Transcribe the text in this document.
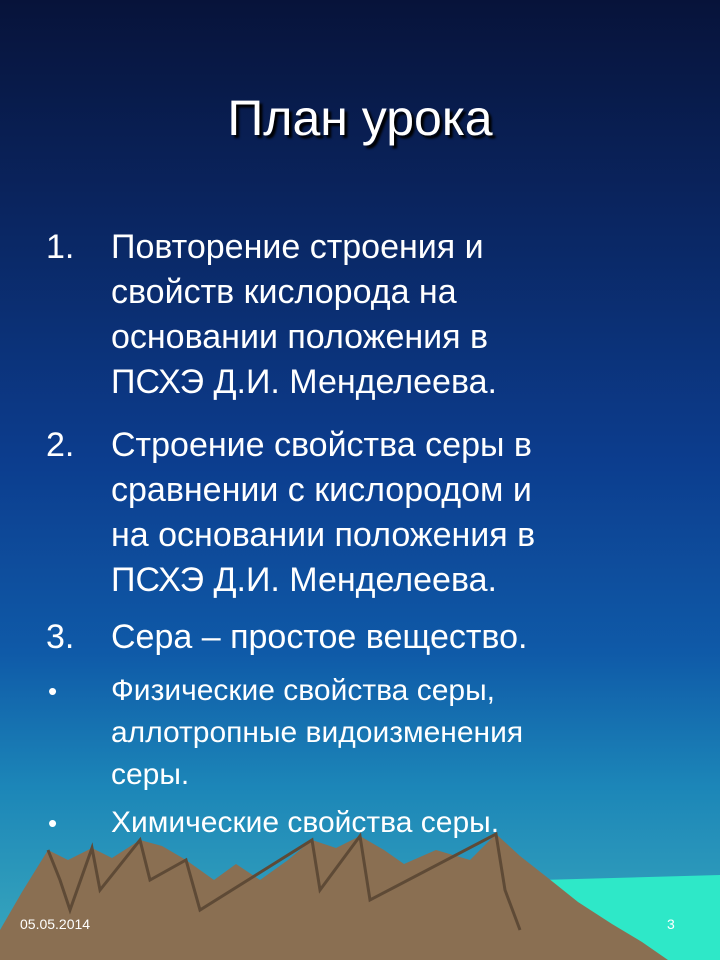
План урока
1. Повторение строения и
свойств кислорода на
основании положения в
ПСХЭ Д.И. Менделеева.
2. Строение свойства серы в
сравнении с кислородом и
на основании положения в
ПСХЭ Д.И. Менделеева.
3. Сера – простое вещество.
• Физические свойства серы,
аллотропные видоизменения
серы.
• Химические свойства серы.
05.05.2014	3
